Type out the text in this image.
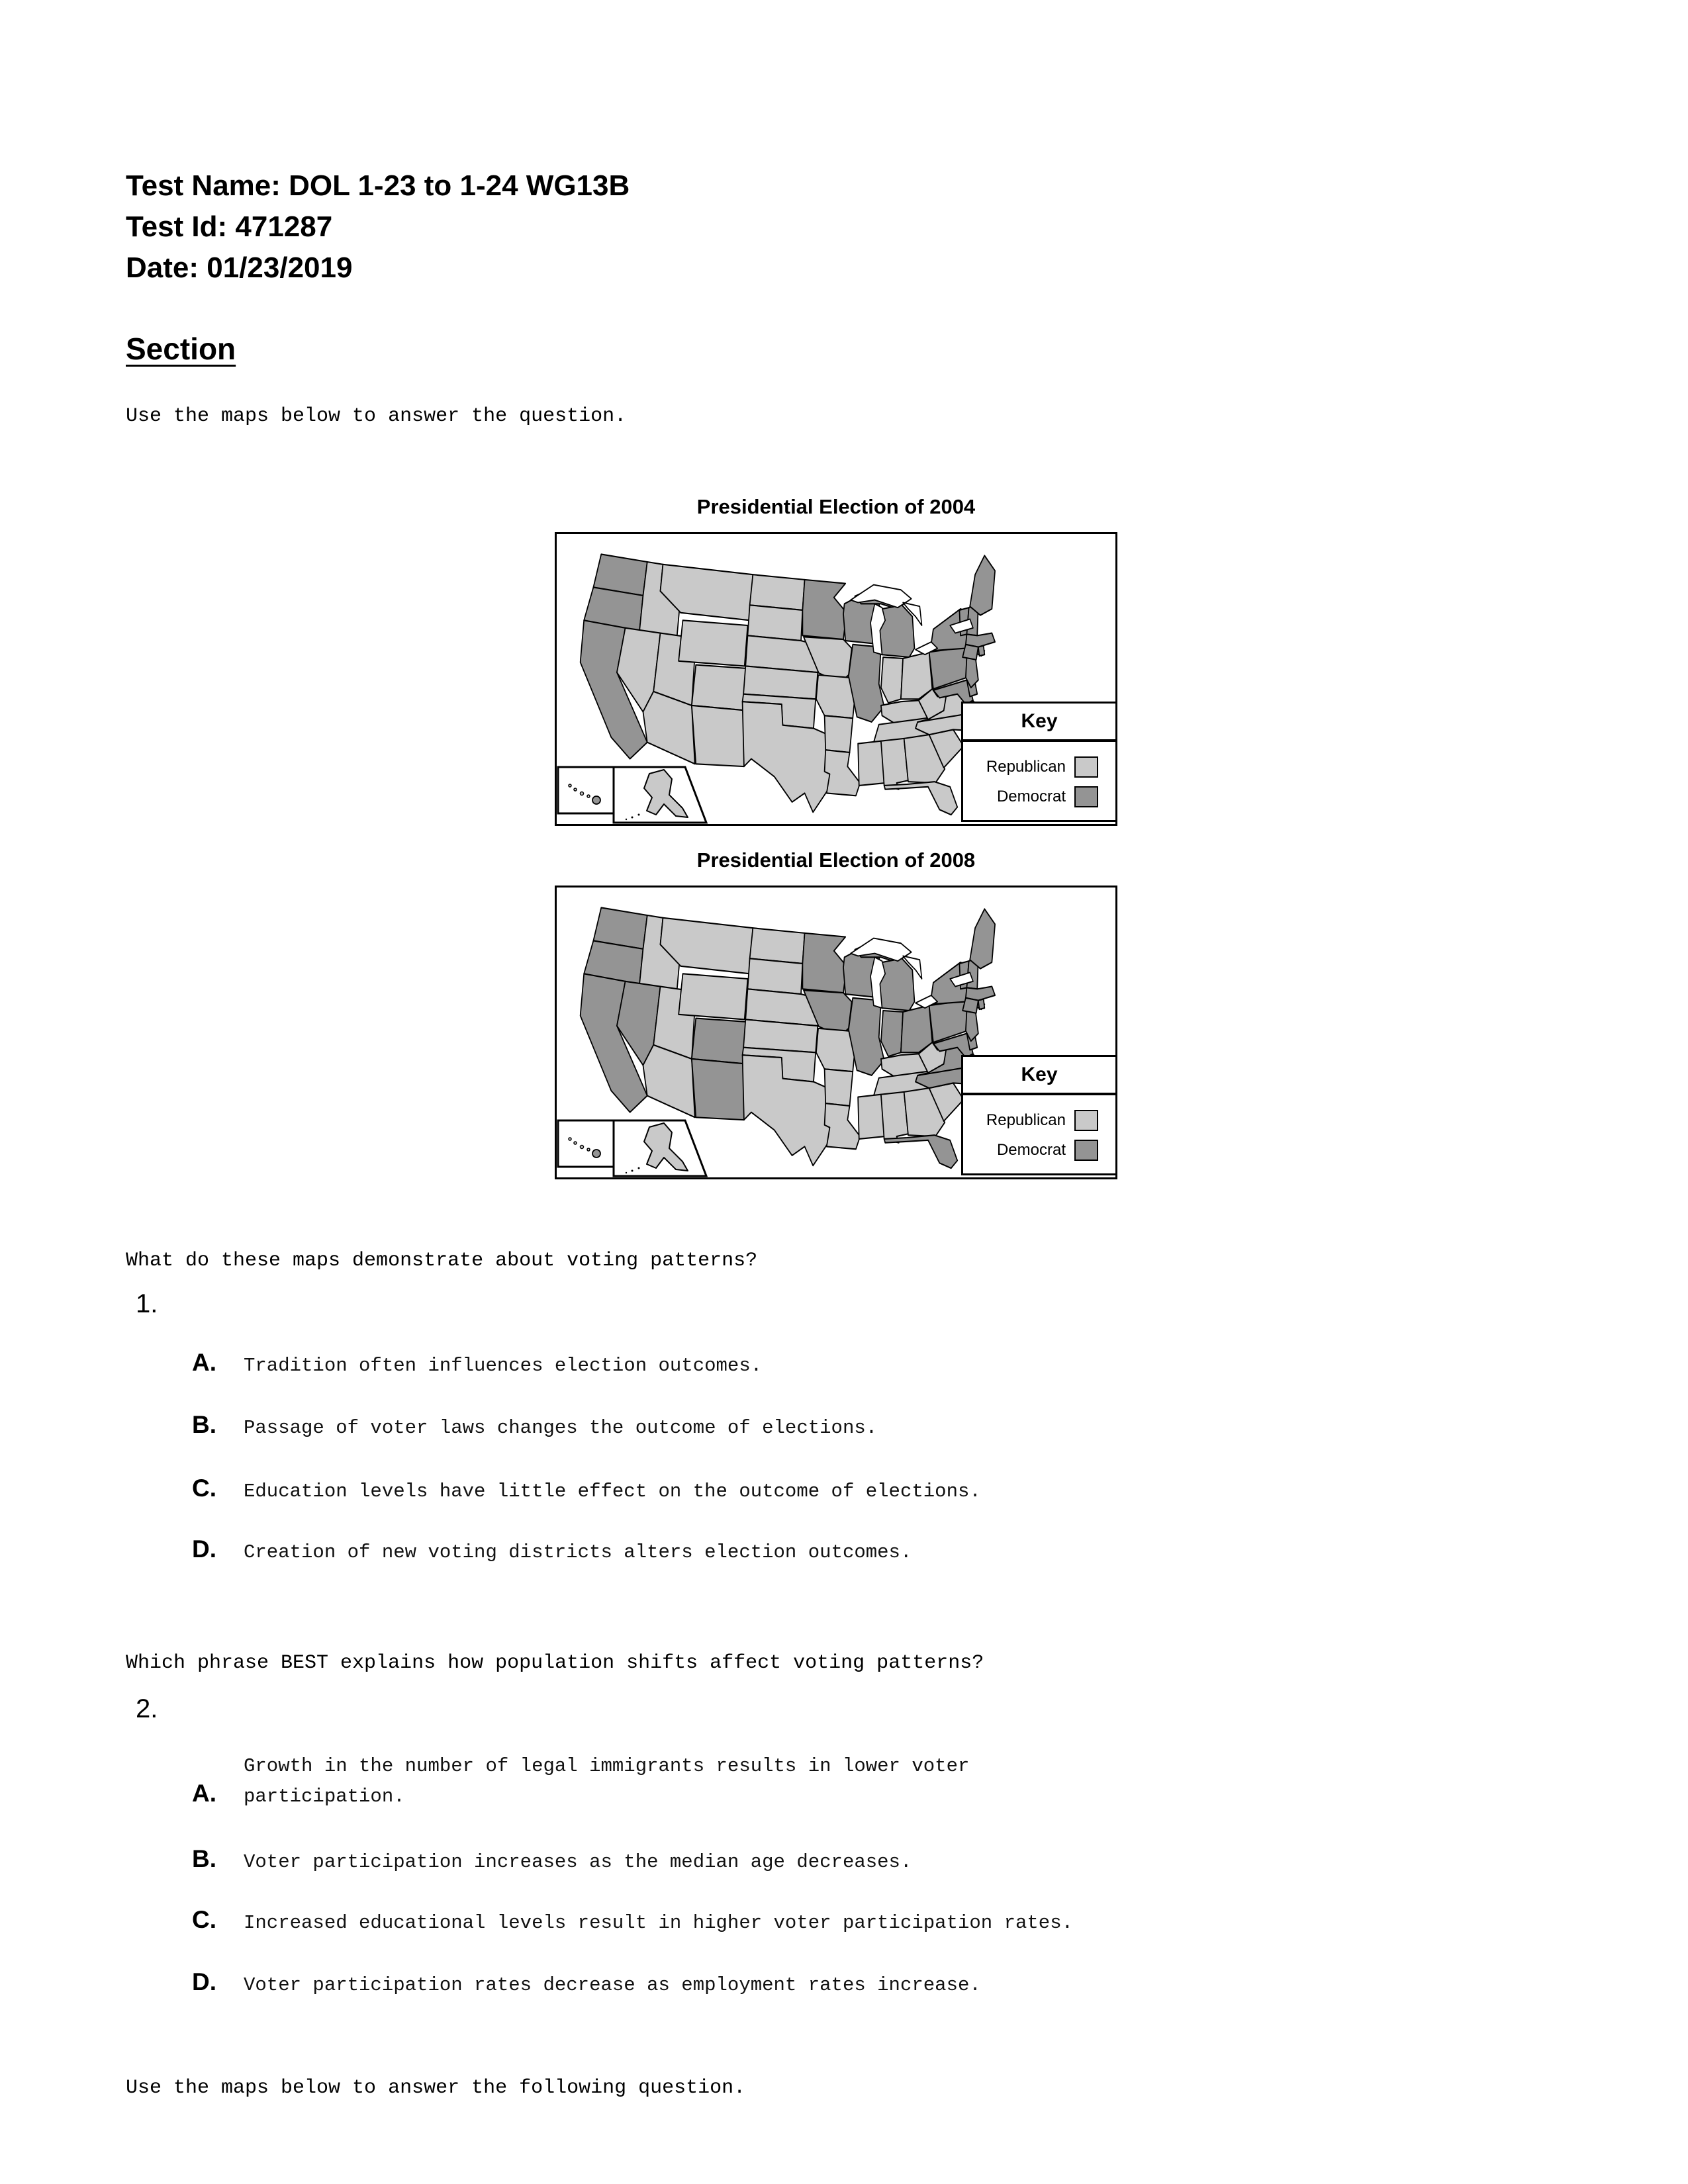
Test Name: DOL 1-23 to 1-24 WG13B
Test Id: 471287
Date: 01/23/2019
Section
Use the maps below to answer the question.
Presidential Election of 2004
Key
Republican
Democrat
Presidential Election of 2008
Key
Republican
Democrat
What do these maps demonstrate about voting patterns?
1.
A. Tradition often influences election outcomes.
B. Passage of voter laws changes the outcome of elections.
C. Education levels have little effect on the outcome of elections.
D. Creation of new voting districts alters election outcomes.
Which phrase BEST explains how population shifts affect voting patterns?
2.
A.Growth in the number of legal immigrants results in lower voter participation.
B. Voter participation increases as the median age decreases.
C. Increased educational levels result in higher voter participation rates.
D. Voter participation rates decrease as employment rates increase.
Use the maps below to answer the following question.
